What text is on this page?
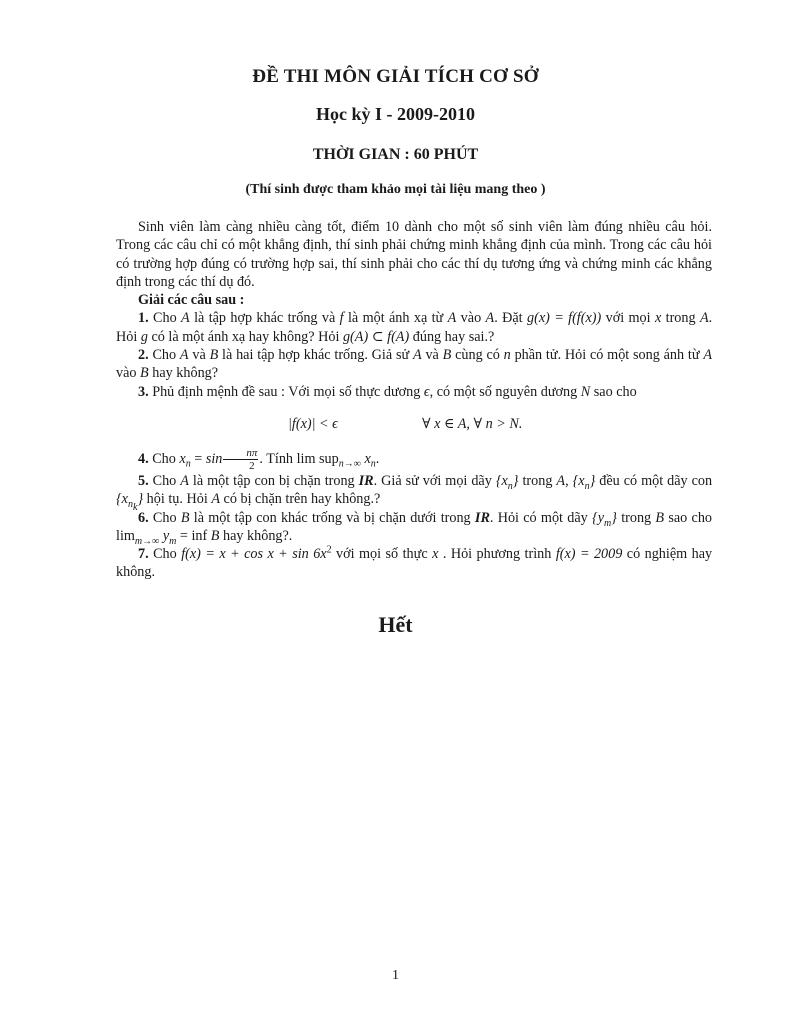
ĐỀ THI MÔN GIẢI TÍCH CƠ SỞ
Học kỳ I - 2009-2010
THỜI GIAN : 60 PHÚT
(Thí sinh được tham khảo mọi tài liệu mang theo )

Sinh viên làm càng nhiều càng tốt, điểm 10 dành cho một số sinh viên làm đúng nhiều câu hỏi. Trong các câu chỉ có một khẳng định, thí sinh phải chứng minh khẳng định của mình. Trong các câu hỏi có trường hợp đúng có trường hợp sai, thí sinh phải cho các thí dụ tương ứng và chứng minh các khẳng định trong các thí dụ đó.

Giải các câu sau :

1. Cho A là tập hợp khác trống và f là một ánh xạ từ A vào A. Đặt g(x) = f(f(x)) với mọi x trong A. Hỏi g có là một ánh xạ hay không? Hỏi g(A) ⊂ f(A) đúng hay sai.?

2. Cho A và B là hai tập hợp khác trống. Giả sử A và B cùng có n phần tử. Hỏi có một song ánh từ A vào B hay không?

3. Phủ định mệnh đề sau : Với mọi số thực dương ϵ, có một số nguyên dương N sao cho

|f(x)| < ϵ	∀ x ∈ A, ∀ n > N.

4. Cho $x_n = \sin \frac{n\pi}{2}$ . Tính lim sup$_{n\to\infty}$ $x_n$.

5. Cho A là một tập con bị chặn trong IR. Giả sử với mọi dãy $\{x_n\}$ trong A, $\{x_n\}$ đều có một dãy con $\{x_{n_k}\}$ hội tụ. Hỏi A có bị chặn trên hay không.?

6. Cho B là một tập con khác trống và bị chặn dưới trong IR. Hỏi có một dãy $\{y_m\}$ trong B sao cho $\lim_{m\to\infty} y_m$ = inf B hay không?.

7. Cho $f(x) = x + \cos x + \sin 6x^2$ với mọi số thực x . Hỏi phương trình f(x) = 2009 có nghiệm hay không.

Hết
1
